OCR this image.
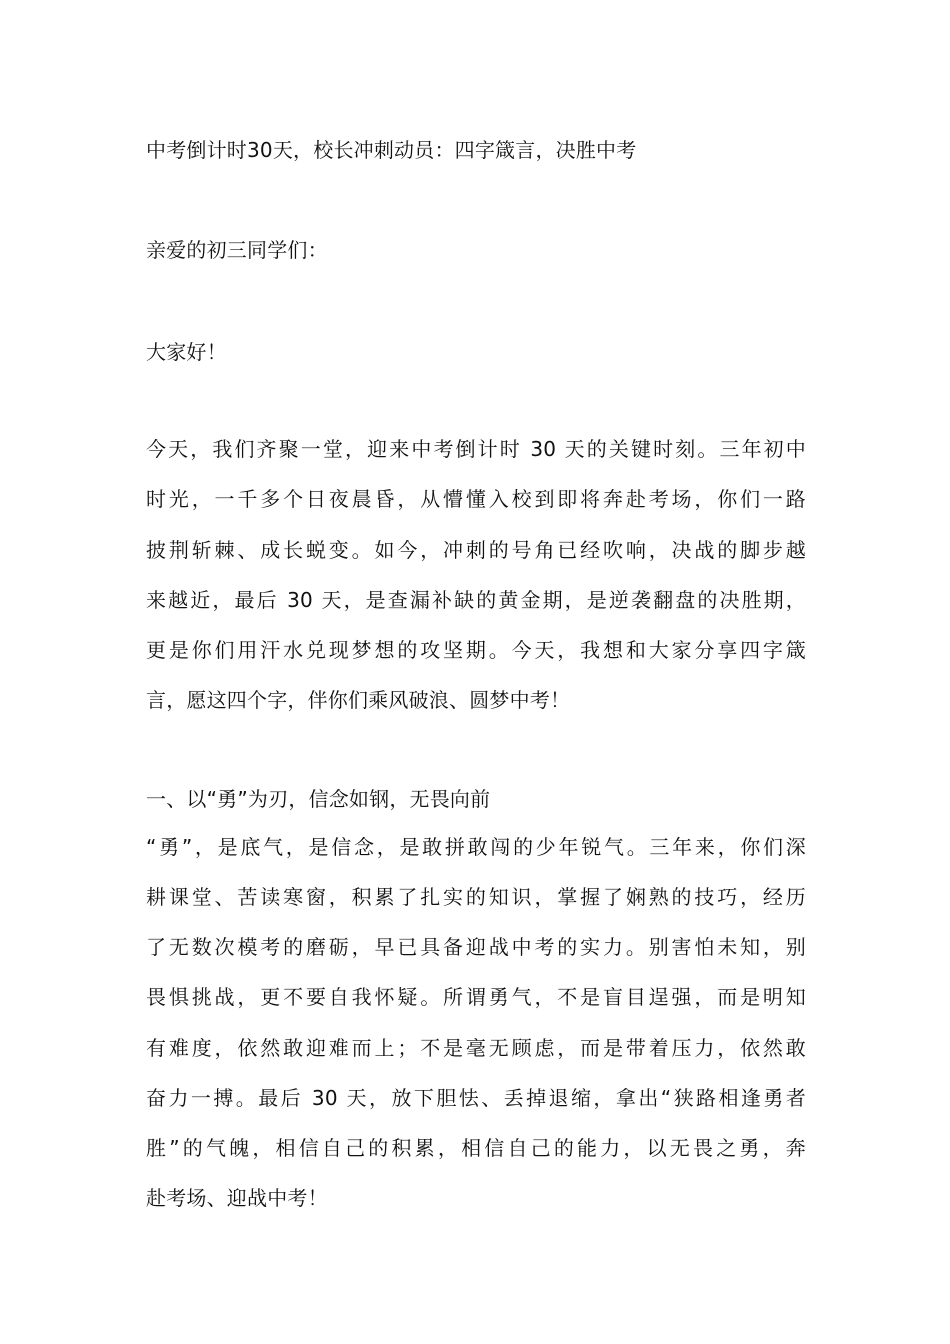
中考倒计时30天，校长冲刺动员：四字箴言，决胜中考
亲爱的初三同学们：
大家好！
今天，我们齐聚一堂，迎来中考倒计时 30 天的关键时刻。三年初中
时光，一千多个日夜晨昏，从懵懂入校到即将奔赴考场，你们一路
披荆斩棘、成长蜕变。如今，冲刺的号角已经吹响，决战的脚步越
来越近，最后 30 天，是查漏补缺的黄金期，是逆袭翻盘的决胜期，
更是你们用汗水兑现梦想的攻坚期。今天，我想和大家分享四字箴
言，愿这四个字，伴你们乘风破浪、圆梦中考！
一、以“勇”为刃，信念如钢，无畏向前
“勇”，是底气，是信念，是敢拼敢闯的少年锐气。三年来，你们深
耕课堂、苦读寒窗，积累了扎实的知识，掌握了娴熟的技巧，经历
了无数次模考的磨砺，早已具备迎战中考的实力。别害怕未知，别
畏惧挑战，更不要自我怀疑。所谓勇气，不是盲目逞强，而是明知
有难度，依然敢迎难而上；不是毫无顾虑，而是带着压力，依然敢
奋力一搏。最后 30 天，放下胆怯、丢掉退缩，拿出“狭路相逢勇者
胜”的气魄，相信自己的积累，相信自己的能力，以无畏之勇，奔
赴考场、迎战中考！
